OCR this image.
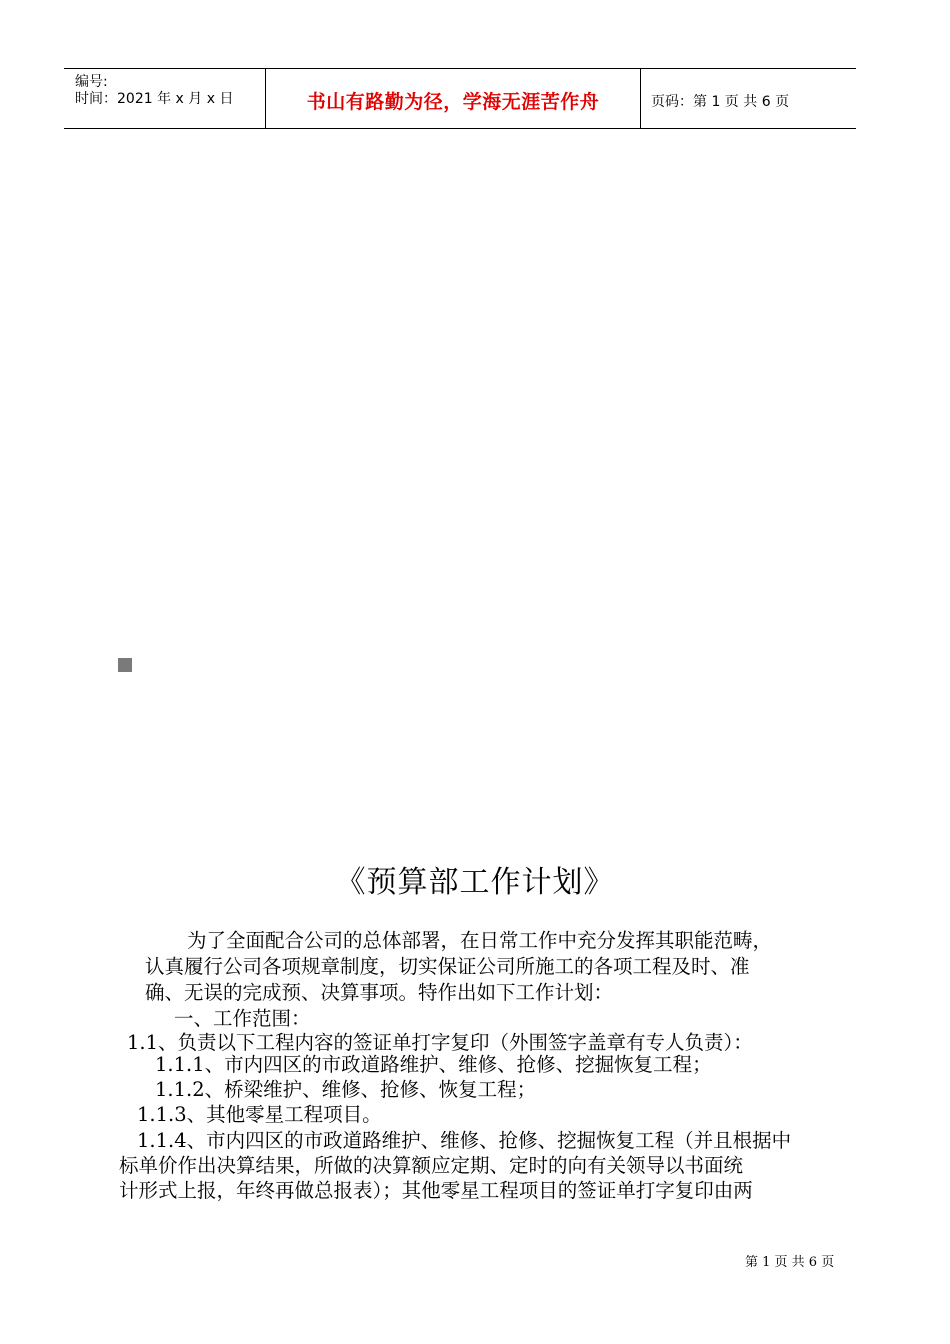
编号:
时间：2021 年 x 月 x 日	书山有路勤为径，学海无涯苦作舟	页码：第 1 页 共 6 页
《预算部工作计划》
为了全面配合公司的总体部署，在日常工作中充分发挥其职能范畴，
认真履行公司各项规章制度，切实保证公司所施工的各项工程及时、准
确、无误的完成预、决算事项。特作出如下工作计划：
一、工作范围：
1.1、负责以下工程内容的签证单打字复印（外围签字盖章有专人负责）：
1.1.1、市内四区的市政道路维护、维修、抢修、挖掘恢复工程；
1.1.2、桥梁维护、维修、抢修、恢复工程；
1.1.3、其他零星工程项目。
1.1.4、市内四区的市政道路维护、维修、抢修、挖掘恢复工程（并且根据中
标单价作出决算结果，所做的决算额应定期、定时的向有关领导以书面统
计形式上报，年终再做总报表）；其他零星工程项目的签证单打字复印由两
第 1 页 共 6 页
